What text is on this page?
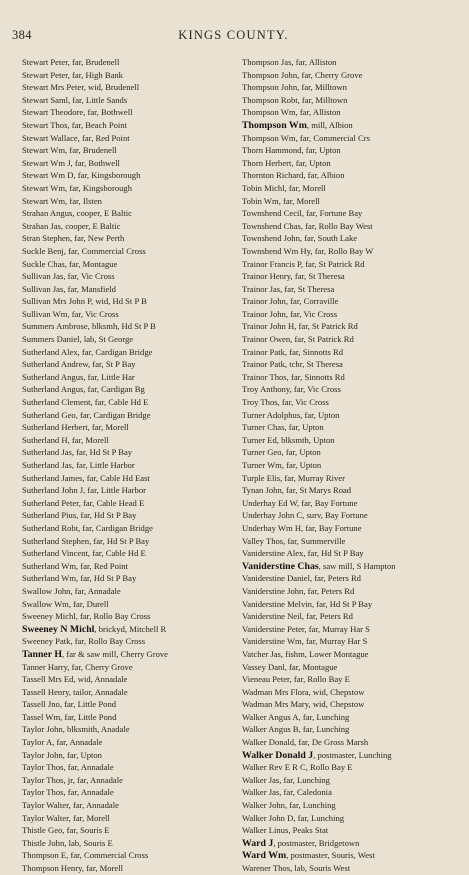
384	KINGS COUNTY.
Stewart Peter, far, Brudenell
Stewart Peter, far, High Bank
Stewart Mrs Peter, wid, Brudenell
Stewart Saml, far, Little Sands
Stewart Theodore, far, Bothwell
Stewart Thos, far, Beach Point
Stewart Wallace, far, Red Point
Stewart Wm, far, Brudenell
Stewart Wm J, far, Bothwell
Stewart Wm D, far, Kingsborough
Stewart Wm, far, Kingsborough
Stewart Wm, far, Ilsten
Strahan Angus, cooper, E Baltic
Strahan Jas, cooper, E Baltic
Stran Stephen, far, New Perth
Suckle Benj, far, Commercial Cross
Suckle Chas, far, Montague
Sullivan Jas, far, Vic Cross
Sullivan Jas, far, Mansfield
Sullivan Mrs John P, wid, Hd St P B
Sullivan Wm, far, Vic Cross
Summers Ambrose, blksmh, Hd St P B
Summers Daniel, lab, St George
Sutherland Alex, far, Cardigan Bridge
Sutherland Andrew, far, St P Bay
Sutherland Angus, far, Little Har
Sutherland Angus, far, Cardigan Bg
Sutherland Clement, far, Cable Hd E
Sutherland Geo, far, Cardigan Bridge
Sutherland Herbert, far, Morell
Sutherland H, far, Morell
Sutherland Jas, far, Hd St P Bay
Sutherland Jas, far, Little Harbor
Sutherland James, far, Cable Hd East
Sutherland John J, far, Little Harbor
Sutherland Peter, far, Cable Head E
Sutherland Pius, far, Hd St P Bay
Sutherland Robt, far, Cardigan Bridge
Sutherland Stephen, far, Hd St P Bay
Sutherland Vincent, far, Cable Hd E
Sutherland Wm, far, Red Point
Sutherland Wm, far, Hd St P Bay
Swallow John, far, Annadale
Swallow Wm, far, Durell
Sweeney Michl, far, Rollo Bay Cross
Sweeney N Michl, brickyd, Mitchell R
Sweeney Patk, far, Rollo Bay Cross
Tanner H, far & saw mill, Cherry Grove
Tanner Harry, far, Cherry Grove
Tassell Mrs Ed, wid, Annadale
Tassell Henry, tailor, Annadale
Tassell Jno, far, Little Pond
Tassel Wm, far, Little Pond
Taylor John, blksmith, Anadale
Taylor A, far, Annadale
Taylor John, far, Upton
Taylor Thos, far, Annadale
Taylor Thos, jr, far, Annadale
Taylor Thos, far, Annadale
Taylor Walter, far, Annadale
Taylor Walter, far, Morell
Thistle Geo, far, Souris E
Thistle John, lab, Souris E
Thompson E, far, Commercial Cross
Thompson Henry, far, Morell
Thompson Jas, far, Alliston
Thompson John, far, Cherry Grove
Thompson John, far, Milltown
Thompson Robt, far, Milltown
Thompson Wm, far, Alliston
Thompson Wm, mill, Albion
Thompson Wm, far, Commercial Crs
Thorn Hammond, far, Upton
Thorn Herbert, far, Upton
Thornton Richard, far, Albion
Tobin Michl, far, Morell
Tobin Wm, far, Morell
Townshend Cecil, far, Fortune Bay
Townshend Chas, far, Rollo Bay West
Townshend John, far, South Lake
Townshend Wm Hy, far, Rollo Bay W
Trainor Francis P, far, St Patrick Rd
Trainor Henry, far, St Theresa
Trainor Jas, far, St Theresa
Trainor John, far, Corraville
Trainor John, far, Vic Cross
Trainor John H, far, St Patrick Rd
Trainor Owen, far, St Patrick Rd
Trainor Patk, far, Sinnotts Rd
Trainor Patk, tchr, St Theresa
Trainor Thos, far, Sinnotts Rd
Troy Anthony, far, Vic Cross
Troy Thos, far, Vic Cross
Turner Adolphus, far, Upton
Turner Chas, far, Upton
Turner Ed, blksmth, Upton
Turner Geo, far, Upton
Turner Wm, far, Upton
Turple Elis, far, Murray River
Tynan John, far, St Marys Road
Underhay Ed W, far, Bay Fortune
Underhay John C, surv, Bay Fortune
Underhay Wm H, far, Bay Fortune
Valley Thos, far, Summerville
Vaniderstine Alex, far, Hd St P Bay
Vaniderstine Chas, saw mill, S Hampton
Vaniderstine Daniel, far, Peters Rd
Vaniderstine John, far, Peters Rd
Vaniderstine Melvin, far, Hd St P Bay
Vaniderstine Neil, far, Peters Rd
Vaniderstine Peter, far, Murray Har S
Vaniderstine Wm, far, Murray Har S
Vatcher Jas, fishm, Lower Montague
Vassey Danl, far, Montague
Vieneau Peter, far, Rollo Bay E
Wadman Mrs Flora, wid, Chepstow
Wadman Mrs Mary, wid, Chepstow
Walker Angus A, far, Lunching
Walker Angus B, far, Lunching
Walker Donald, far, De Gross Marsh
Walker Donald J, postmaster, Lunching
Walker Rev E R C, Rollo Bay E
Walker Jas, far, Lunching
Walker Jas, far, Caledonia
Walker John, far, Lunching
Walker John D, far, Lunching
Walker Linus, Peaks Stat
Ward J, postmaster, Bridgetown
Ward Wm, postmaster, Souris, West
Warener Thos, lab, Souris West
